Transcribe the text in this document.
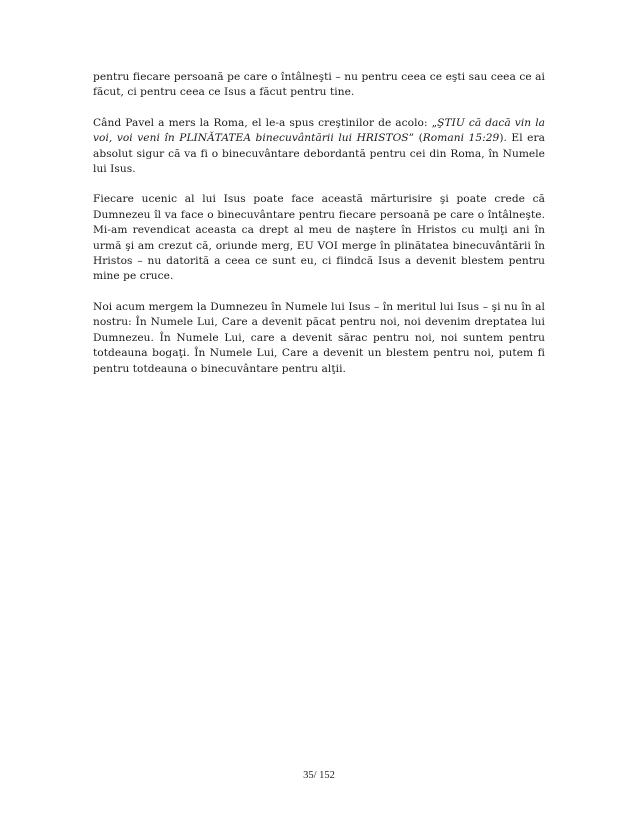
pentru fiecare persoană pe care o întâlneşti – nu pentru ceea ce eşti sau ceea ce ai făcut, ci pentru ceea ce Isus a făcut pentru tine.

Când Pavel a mers la Roma, el le-a spus creştinilor de acolo: „ŞTIU că dacă vin la voi, voi veni în PLINĂTATEA binecuvântării lui HRISTOS” (Romani 15:29). El era absolut sigur că va fi o binecuvântare debordantă pentru cei din Roma, în Numele lui Isus.

Fiecare ucenic al lui Isus poate face această mărturisire şi poate crede că Dumnezeu îl va face o binecuvântare pentru fiecare persoană pe care o întâlneşte. Mi-am revendicat aceasta ca drept al meu de naştere în Hristos cu mulţi ani în urmă şi am crezut că, oriunde merg, EU VOI merge în plinătatea binecuvântării în Hristos – nu datorită a ceea ce sunt eu, ci fiindcă Isus a devenit blestem pentru mine pe cruce.

Noi acum mergem la Dumnezeu în Numele lui Isus – în meritul lui Isus – şi nu în al nostru: În Numele Lui, Care a devenit păcat pentru noi, noi devenim dreptatea lui Dumnezeu. În Numele Lui, care a devenit sărac pentru noi, noi suntem pentru totdeauna bogaţi. În Numele Lui, Care a devenit un blestem pentru noi, putem fi pentru totdeauna o binecuvântare pentru alţii.

35/ 152
